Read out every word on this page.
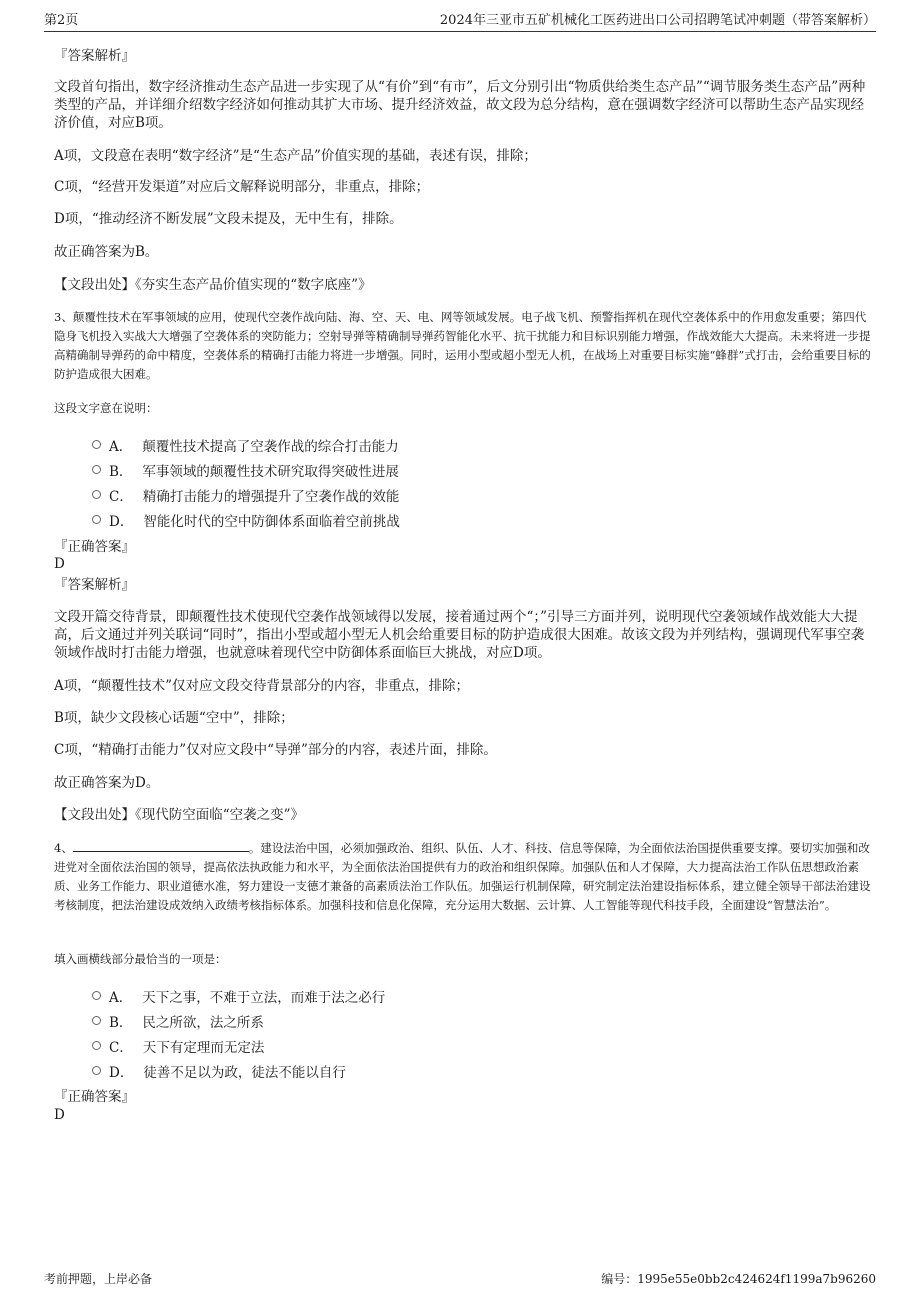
第2页	2024年三亚市五矿机械化工医药进出口公司招聘笔试冲刺题（带答案解析）

『答案解析』

文段首句指出，数字经济推动生态产品进一步实现了从“有价”到“有市”，后文分别引出“物质供给类生态产品”“调节服务类生态产品”两种类型的产品，并详细介绍数字经济如何推动其扩大市场、提升经济效益，故文段为总分结构，意在强调数字经济可以帮助生态产品实现经济价值，对应B项。

A项，文段意在表明“数字经济”是“生态产品”价值实现的基础，表述有误，排除；

C项，“经营开发渠道”对应后文解释说明部分，非重点，排除；

D项，“推动经济不断发展”文段未提及，无中生有，排除。

故正确答案为B。

【文段出处】《夯实生态产品价值实现的“数字底座”》

3、颠覆性技术在军事领域的应用，使现代空袭作战向陆、海、空、天、电、网等领域发展。电子战飞机、预警指挥机在现代空袭体系中的作用愈发重要；第四代隐身飞机投入实战大大增强了空袭体系的突防能力；空射导弹等精确制导弹药智能化水平、抗干扰能力和目标识别能力增强，作战效能大大提高。未来将进一步提高精确制导弹药的命中精度，空袭体系的精确打击能力将进一步增强。同时，运用小型或超小型无人机，在战场上对重要目标实施“蜂群”式打击，会给重要目标的防护造成很大困难。

这段文字意在说明：

A． 颠覆性技术提高了空袭作战的综合打击能力
B． 军事领域的颠覆性技术研究取得突破性进展
C． 精确打击能力的增强提升了空袭作战的效能
D． 智能化时代的空中防御体系面临着空前挑战

『正确答案』

D

『答案解析』

文段开篇交待背景，即颠覆性技术使现代空袭作战领域得以发展，接着通过两个“；”引导三方面并列，说明现代空袭领域作战效能大大提高，后文通过并列关联词“同时”，指出小型或超小型无人机会给重要目标的防护造成很大困难。故该文段为并列结构，强调现代军事空袭领域作战时打击能力增强，也就意味着现代空中防御体系面临巨大挑战，对应D项。

A项，“颠覆性技术”仅对应文段交待背景部分的内容，非重点，排除；

B项，缺少文段核心话题“空中”，排除；

C项，“精确打击能力”仅对应文段中“导弹”部分的内容，表述片面，排除。

故正确答案为D。

【文段出处】《现代防空面临“空袭之变”》

4、	。建设法治中国，必须加强政治、组织、队伍、人才、科技、信息等保障，为全面依法治国提供重要支撑。要切实加强和改进党对全面依法治国的领导，提高依法执政能力和水平，为全面依法治国提供有力的政治和组织保障。加强队伍和人才保障，大力提高法治工作队伍思想政治素质、业务工作能力、职业道德水准，努力建设一支德才兼备的高素质法治工作队伍。加强运行机制保障，研究制定法治建设指标体系，建立健全领导干部法治建设考核制度，把法治建设成效纳入政绩考核指标体系。加强科技和信息化保障，充分运用大数据、云计算、人工智能等现代科技手段，全面建设“智慧法治”。

填入画横线部分最恰当的一项是：

A． 天下之事，不难于立法，而难于法之必行
B． 民之所欲，法之所系
C． 天下有定理而无定法
D． 徒善不足以为政，徒法不能以自行

『正确答案』

D

考前押题，上岸必备	编号：1995e55e0bb2c424624f1199a7b96260
